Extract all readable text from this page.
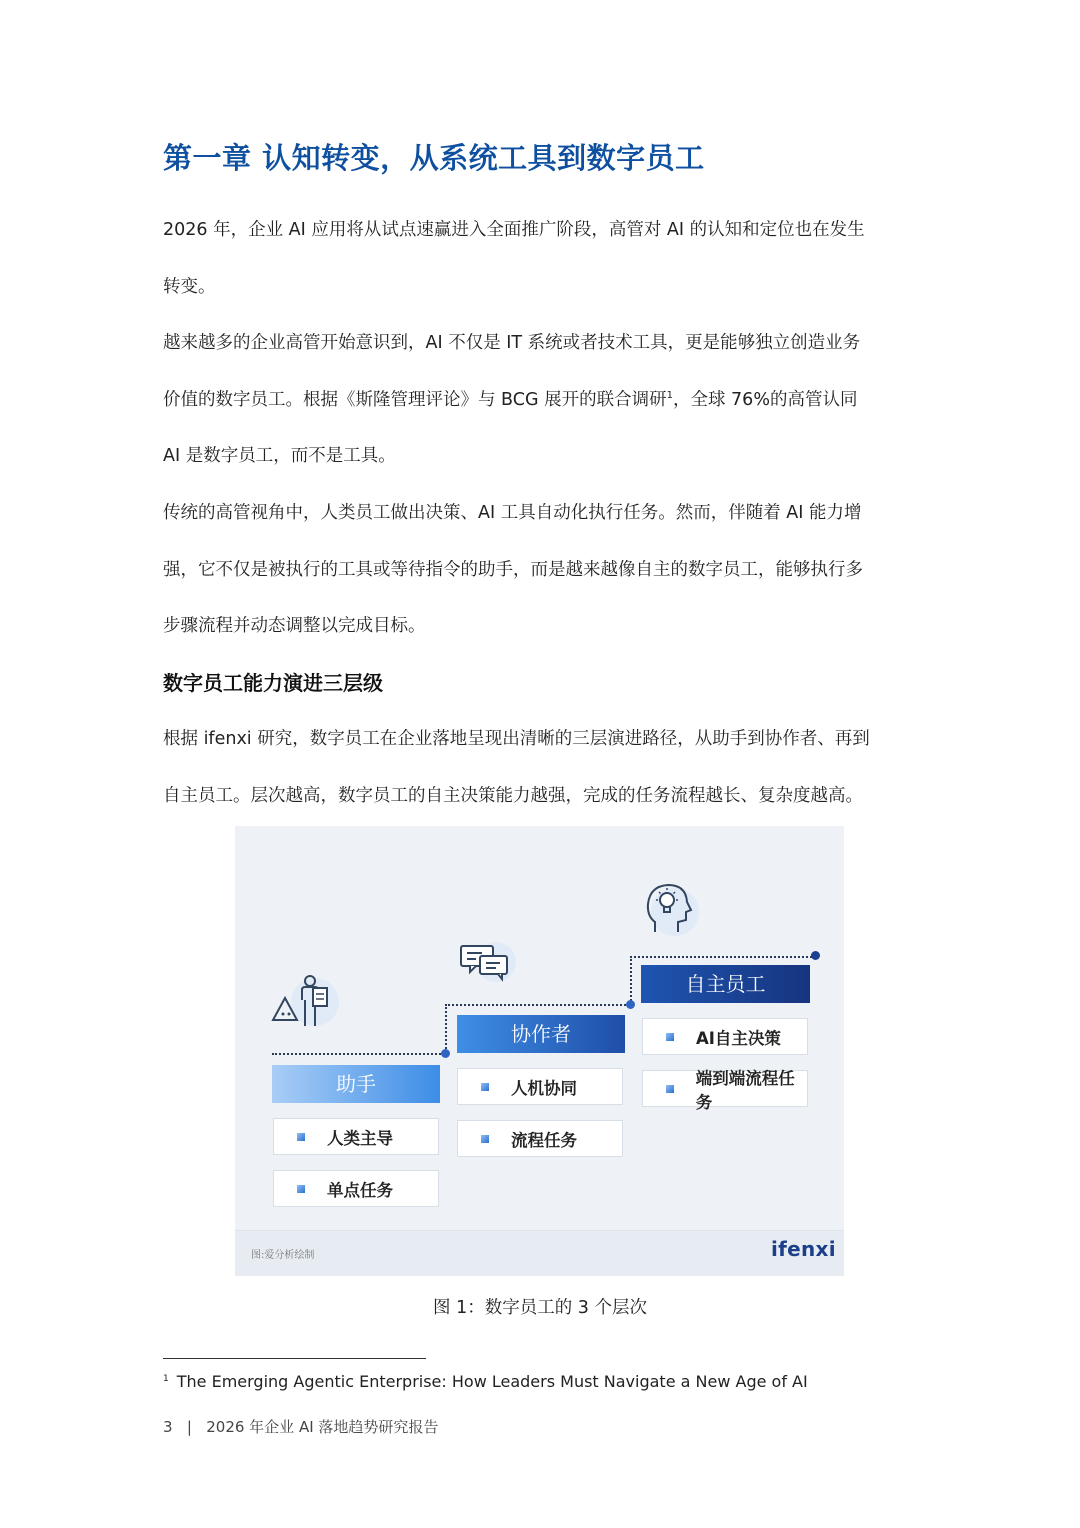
第一章 认知转变，从系统工具到数字员工

2026 年，企业 AI 应用将从试点速赢进入全面推广阶段，高管对 AI 的认知和定位也在发生

转变。

越来越多的企业高管开始意识到，AI 不仅是 IT 系统或者技术工具，更是能够独立创造业务

价值的数字员工。根据《斯隆管理评论》与 BCG 展开的联合调研$^1$，全球 76%的高管认同

AI 是数字员工，而不是工具。

传统的高管视角中，人类员工做出决策、AI 工具自动化执行任务。然而，伴随着 AI 能力增

强，它不仅是被执行的工具或等待指令的助手，而是越来越像自主的数字员工，能够执行多

步骤流程并动态调整以完成目标。

数字员工能力演进三层级

根据 ifenxi 研究，数字员工在企业落地呈现出清晰的三层演进路径，从助手到协作者、再到

自主员工。层次越高，数字员工的自主决策能力越强，完成的任务流程越长、复杂度越高。

助手
协作者
自主员工
人类主导
单点任务
人机协同
流程任务
AI自主决策
端到端流程任务
图:爱分析绘制	ifenxi
图 1：数字员工的 3 个层次
$^1$ The Emerging Agentic Enterprise: How Leaders Must Navigate a New Age of AI
3 | 2026 年企业 AI 落地趋势研究报告
